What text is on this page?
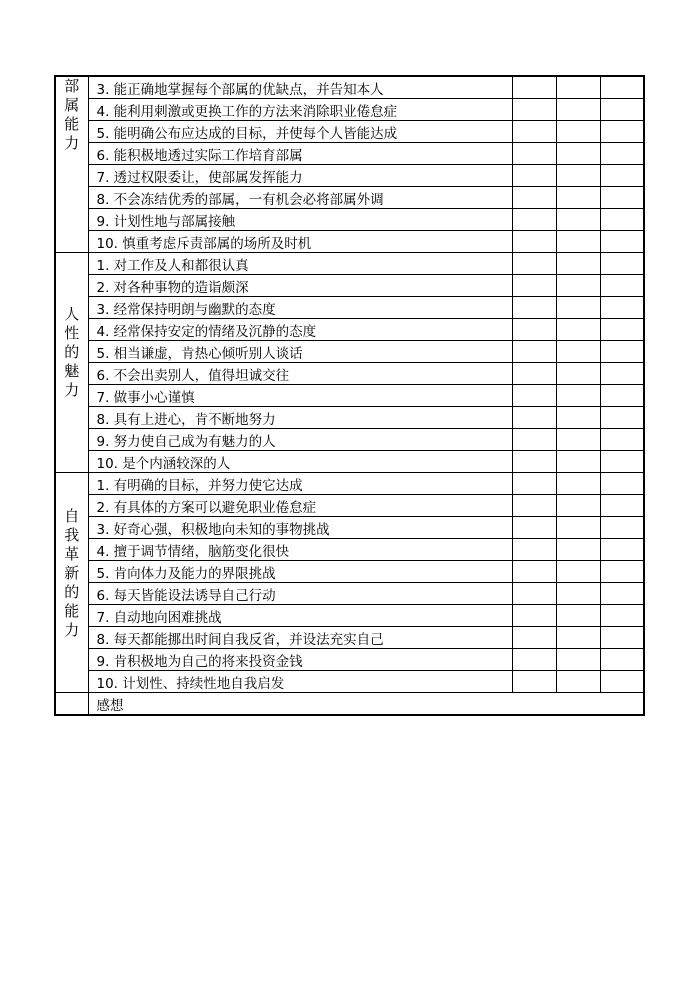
部属能力	3. 能正确地掌握每个部属的优缺点，并告知本人			
	4. 能利用刺激或更换工作的方法来消除职业倦怠症			
	5. 能明确公布应达成的目标，并使每个人皆能达成			
	6. 能积极地透过实际工作培育部属			
	7. 透过权限委让，使部属发挥能力			
	8. 不会冻结优秀的部属，一有机会必将部属外调			
	9. 计划性地与部属接触			
	10. 慎重考虑斥责部属的场所及时机			

人性的魅力	1. 对工作及人和都很认真			
	2. 对各种事物的造诣颇深			
	3. 经常保持明朗与幽默的态度			
	4. 经常保持安定的情绪及沉静的态度			
	5. 相当谦虚，肯热心倾听别人谈话			
	6. 不会出卖别人，值得坦诚交往			
	7. 做事小心谨慎			
	8. 具有上进心，肯不断地努力			
	9. 努力使自己成为有魅力的人			
	10. 是个内涵较深的人			

自我革新的能力	1. 有明确的目标，并努力使它达成			
	2. 有具体的方案可以避免职业倦怠症			
	3. 好奇心强，积极地向未知的事物挑战			
	4. 擅于调节情绪，脑筋变化很快			
	5. 肯向体力及能力的界限挑战			
	6. 每天皆能设法诱导自己行动			
	7. 自动地向困难挑战			
	8. 每天都能挪出时间自我反省，并设法充实自己			
	9. 肯积极地为自己的将来投资金钱			
	10. 计划性、持续性地自我启发			
	感想			
